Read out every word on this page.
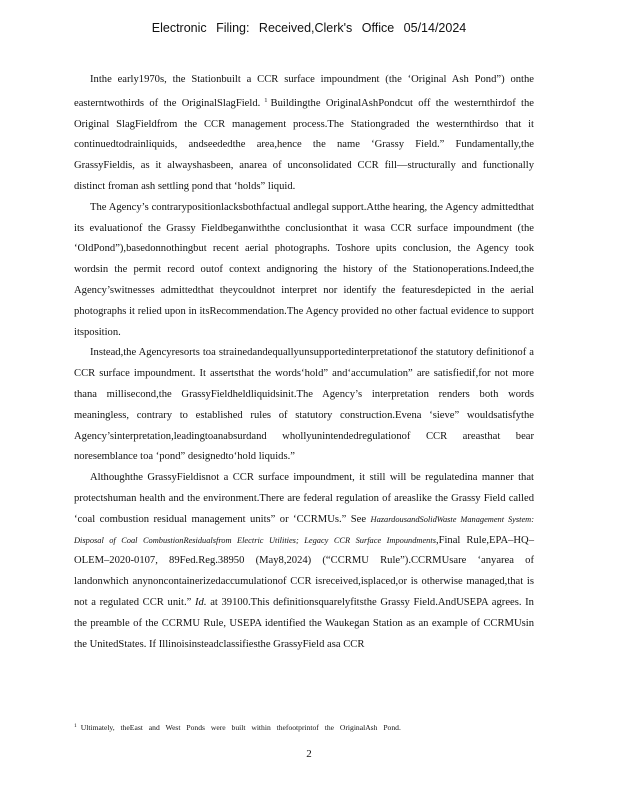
Electronic Filing: Received,Clerk's Office 05/14/2024

Inthe early1970s, the Stationbuilt a CCR surface impoundment (the ‘Original Ash Pond”) onthe easterntwothirds of the OriginalSlagField. $^1$ Buildingthe OriginalAshPondcut off the westernthirdof the Original SlagFieldfrom the CCR management process.The Stationgraded the westernthirdso that it continuedtodrainliquids, andseededthe area,hence the name ‘Grassy Field.” Fundamentally,the GrassyFieldis, as it alwayshasbeen, anarea of unconsolidated CCR fill—structurally and functionally distinct froman ash settling pond that ‘holds” liquid.

The Agency’s contrarypositionlacksbothfactual andlegal support.Atthe hearing, the Agency admittedthat its evaluationof the Grassy Fieldbeganwiththe conclusionthat it wasa CCR surface impoundment (the ‘OldPond”),basedonnothingbut recent aerial photographs. Toshore upits conclusion, the Agency took wordsin the permit record outof context andignoring the history of the Stationoperations.Indeed,the Agency’switnesses admittedthat theycouldnot interpret nor identify the featuresdepicted in the aerial photographs it relied upon in itsRecommendation.The Agency provided no other factual evidence to support itsposition.

Instead,the Agencyresorts toa strainedandequallyunsupportedinterpretationof the statutory definitionof a CCR surface impoundment. It assertsthat the words‘hold” and‘accumulation” are satisfiedif,for not more thana millisecond,the GrassyFieldheldliquidsinit.The Agency’s interpretation renders both words meaningless, contrary to established rules of statutory construction.Evena ‘sieve” wouldsatisfythe Agency’sinterpretation,leadingtoanabsurdand whollyunintendedregulationof CCR areasthat bear noresemblance toa ‘pond” designedto‘hold liquids.”

Althoughthe GrassyFieldisnot a CCR surface impoundment, it still will be regulatedina manner that protectshuman health and the environment.There are federal regulation of areaslike the Grassy Field called ‘coal combustion residual management units” or ‘CCRMUs.” See HazardousandSolidWaste Management System: Disposal of Coal CombustionResidualsfrom Electric Utilities; Legacy CCR Surface Impoundments,Final Rule,EPA–HQ–OLEM–2020-0107, 89Fed.Reg.38950 (May8,2024) (“CCRMU Rule”).CCRMUsare ‘anyarea of landonwhich anynoncontainerizedaccumulationof CCR isreceived,isplaced,or is otherwise managed,that is not a regulated CCR unit.” Id. at 39100.This definitionsquarelyfitsthe Grassy Field.AndUSEPA agrees. In the preamble of the CCRMU Rule, USEPA identified the Waukegan Station as an example of CCRMUsin the UnitedStates. If Illinoisinsteadclassifiesthe GrassyField asa CCR

$^1$ Ultimately, theEast and West Ponds were built within thefootprintof the OriginalAsh Pond.
2
